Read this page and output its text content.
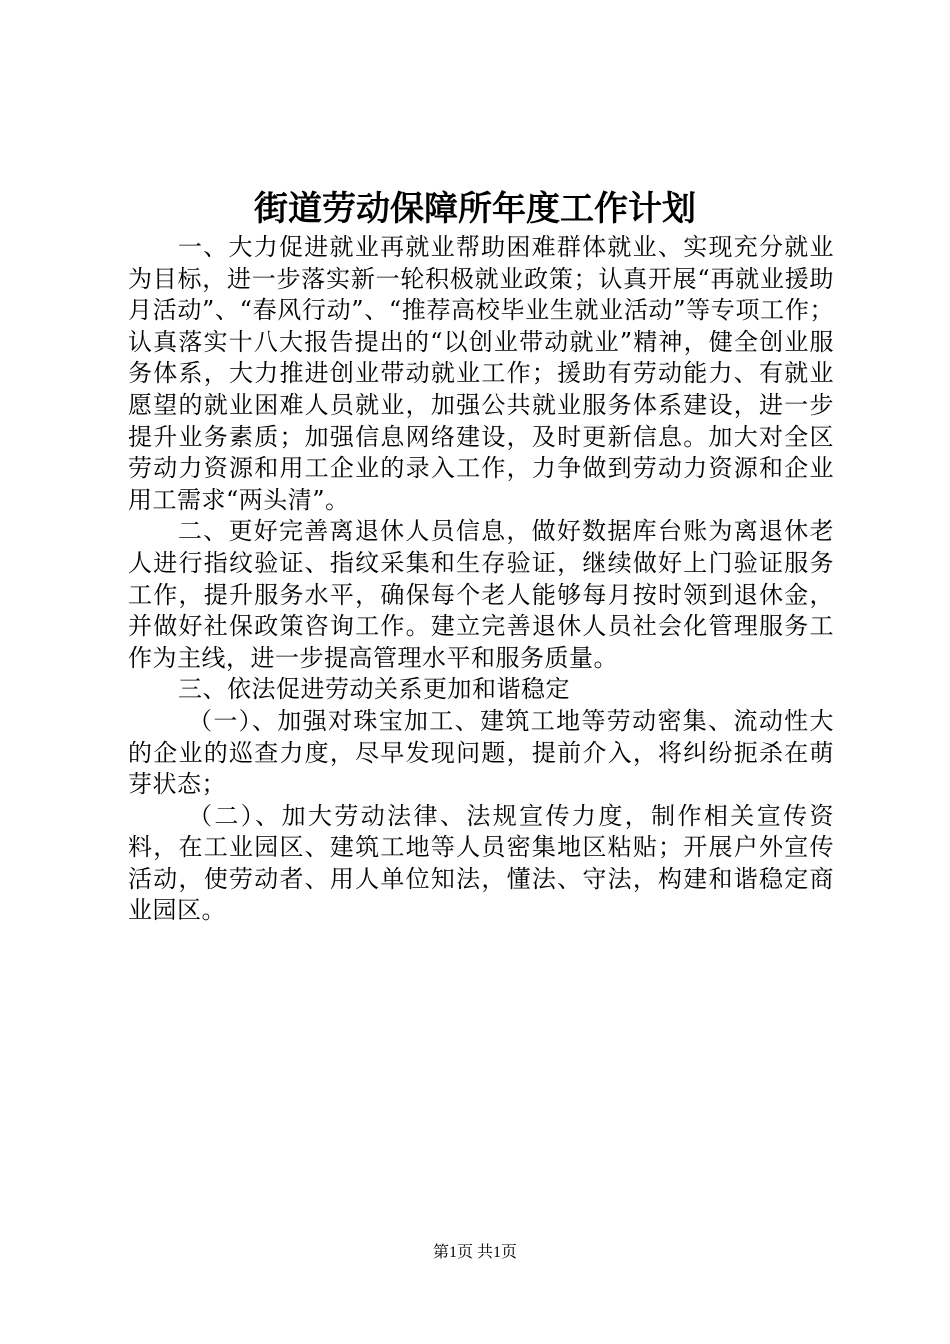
街道劳动保障所年度工作计划

一、大力促进就业再就业帮助困难群体就业、实现充分就业为目标，进一步落实新一轮积极就业政策；认真开展“再就业援助月活动”、“春风行动”、“推荐高校毕业生就业活动”等专项工作；认真落实十八大报告提出的“以创业带动就业”精神，健全创业服务体系，大力推进创业带动就业工作；援助有劳动能力、有就业愿望的就业困难人员就业，加强公共就业服务体系建设，进一步提升业务素质；加强信息网络建设，及时更新信息。加大对全区劳动力资源和用工企业的录入工作，力争做到劳动力资源和企业用工需求“两头清”。

二、更好完善离退休人员信息，做好数据库台账为离退休老人进行指纹验证、指纹采集和生存验证，继续做好上门验证服务工作，提升服务水平，确保每个老人能够每月按时领到退休金，并做好社保政策咨询工作。建立完善退休人员社会化管理服务工作为主线，进一步提高管理水平和服务质量。

三、依法促进劳动关系更加和谐稳定

（一）、加强对珠宝加工、建筑工地等劳动密集、流动性大的企业的巡查力度，尽早发现问题，提前介入，将纠纷扼杀在萌芽状态；

（二）、加大劳动法律、法规宣传力度，制作相关宣传资料，在工业园区、建筑工地等人员密集地区粘贴；开展户外宣传活动，使劳动者、用人单位知法，懂法、守法，构建和谐稳定商业园区。

第1页 共1页
